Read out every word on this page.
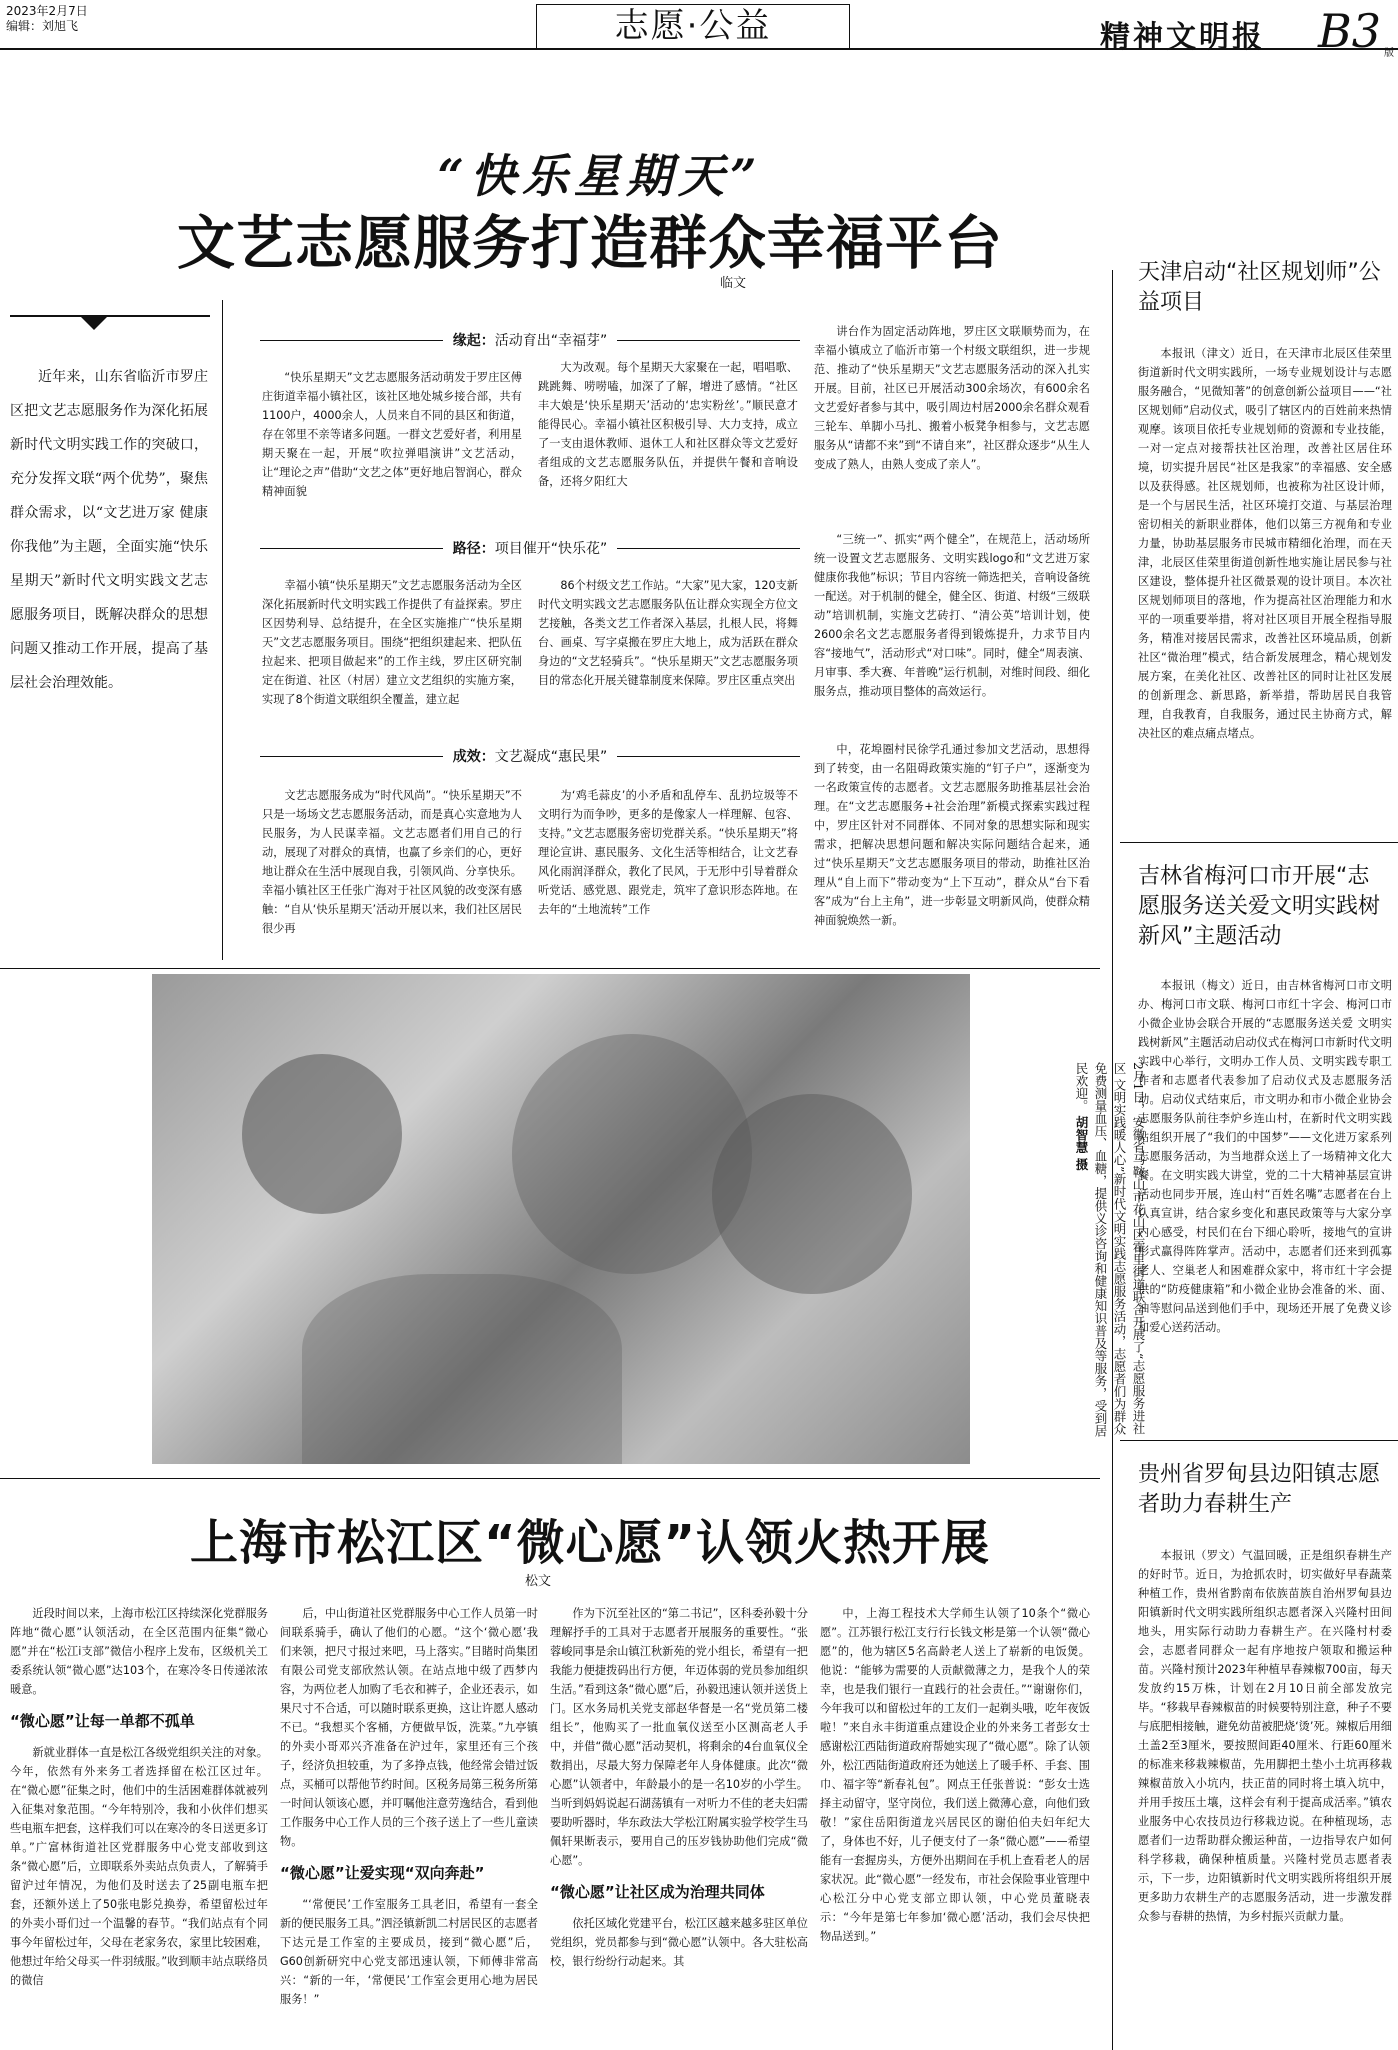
2023年2月7日
编辑：刘旭飞	志愿·公益	精神文明报 B3 版
“快乐星期天”
文艺志愿服务打造群众幸福平台
临文
近年来，山东省临沂市罗庄区把文艺志愿服务作为深化拓展新时代文明实践工作的突破口，充分发挥文联“两个优势”，聚焦群众需求，以“文艺进万家 健康你我他”为主题，全面实施“快乐星期天”新时代文明实践文艺志愿服务项目，既解决群众的思想问题又推动工作开展，提高了基层社会治理效能。
缘起：活动育出“幸福芽”

“快乐星期天”文艺志愿服务活动萌发于罗庄区傅庄街道幸福小镇社区，该社区地处城乡接合部，共有1100户，4000余人，人员来自不同的县区和街道，存在邻里不亲等诸多问题。一群文艺爱好者，利用星期天聚在一起，开展“吹拉弹唱演讲”文艺活动，让“理论之声”借助“文艺之体”更好地启智润心，群众精神面貌

大为改观。每个星期天大家聚在一起，唱唱歌、跳跳舞、唠唠嗑，加深了了解，增进了感情。“社区丰大娘是‘快乐星期天’活动的‘忠实粉丝’。”顺民意才能得民心。幸福小镇社区积极引导、大力支持，成立了一支由退休教师、退休工人和社区群众等文艺爱好者组成的文艺志愿服务队伍，并提供午餐和音响设备，还将夕阳红大

讲台作为固定活动阵地，罗庄区文联顺势而为，在幸福小镇成立了临沂市第一个村级文联组织，进一步规范、推动了“快乐星期天”文艺志愿服务活动的深入扎实开展。目前，社区已开展活动300余场次，有600余名文艺爱好者参与其中，吸引周边村居2000余名群众观看三轮车、单脚小马扎、搬着小板凳争相参与，文艺志愿服务从“请都不来”到“不请自来”，社区群众逐步“从生人变成了熟人，由熟人变成了亲人”。

路径：项目催开“快乐花”

幸福小镇“快乐星期天”文艺志愿服务活动为全区深化拓展新时代文明实践工作提供了有益探索。罗庄区因势利导、总结提升，在全区实施推广“快乐星期天”文艺志愿服务项目。围绕“把组织建起来、把队伍拉起来、把项目做起来”的工作主线，罗庄区研究制定在街道、社区（村居）建立文艺组织的实施方案，实现了8个街道文联组织全覆盖，建立起

86个村级文艺工作站。“大家”见大家，120支新时代文明实践文艺志愿服务队伍让群众实现全方位文艺接触，各类文艺工作者深入基层，扎根人民，将舞台、画桌、写字桌搬在罗庄大地上，成为活跃在群众身边的“文艺轻骑兵”。“快乐星期天”文艺志愿服务项目的常态化开展关键靠制度来保障。罗庄区重点突出

“三统一”、抓实“两个健全”，在规范上，活动场所统一设置文艺志愿服务、文明实践logo和“文艺进万家 健康你我他”标识；节目内容统一筛选把关，音响设备统一配送。对于机制的健全，健全区、街道、村级“三级联动”培训机制，实施文艺砖打、“清公英”培训计划，使2600余名文艺志愿服务者得到锻炼提升，力求节目内容“接地气”，活动形式“对口味”。同时，健全“周表演、月审事、季大赛、年普晚”运行机制，对维时间段、细化服务点，推动项目整体的高效运行。

成效：文艺凝成“惠民果”

文艺志愿服务成为“时代风尚”。“快乐星期天”不只是一场场文艺志愿服务活动，而是真心实意地为人民服务，为人民谋幸福。文艺志愿者们用自己的行动，展现了对群众的真情，也赢了乡亲们的心，更好地让群众在生活中展现自我，引领风尚、分享快乐。幸福小镇社区王任张广海对于社区风貌的改变深有感触：“自从‘快乐星期天’活动开展以来，我们社区居民很少再

为‘鸡毛蒜皮’的小矛盾和乱停车、乱扔垃圾等不文明行为而争吵，更多的是像家人一样理解、包容、支持。”文艺志愿服务密切党群关系。“快乐星期天”将理论宣讲、惠民服务、文化生活等相结合，让文艺春风化雨润泽群众，教化了民风，于无形中引导着群众听党话、感党恩、跟党走，筑牢了意识形态阵地。在去年的“土地流转”工作

中，花埠圈村民徐学孔通过参加文艺活动，思想得到了转变，由一名阻碍政策实施的“钉子户”，逐渐变为一名政策宣传的志愿者。文艺志愿服务助推基层社会治理。在“文艺志愿服务+社会治理”新模式探索实践过程中，罗庄区针对不同群体、不同对象的思想实际和现实需求，把解决思想问题和解决实际问题结合起来，通过“快乐星期天”文艺志愿服务项目的带动，助推社区治理从“自上而下”带动变为“上下互动”，群众从“台下看客”成为“台上主角”，进一步彰显文明新风尚，使群众精神面貌焕然一新。

2月1日，安徽省马鞍山市花山区霍里街道联合开展了“志愿服务进社区 文明实践暖人心”新时代文明实践志愿服务活动，志愿者们为群众免费测量血压、血糖，提供义诊咨询和健康知识普及等服务，受到居民欢迎。 胡智慧 摄
上海市松江区“微心愿”认领火热开展
松文

近段时间以来，上海市松江区持续深化党群服务阵地“微心愿”认领活动，在全区范围内征集“微心愿”并在“松江i支部”微信小程序上发布，区级机关工委系统认领“微心愿”达103个，在寒冷冬日传递浓浓暖意。

“微心愿”让每一单都不孤单

新就业群体一直是松江各级党组织关注的对象。今年，依然有外来务工者选择留在松江区过年。在“微心愿”征集之时，他们中的生活困难群体就被列入征集对象范围。“今年特别冷，我和小伙伴们想买些电瓶车把套，这样我们可以在寒冷的冬日送更多订单。”广富林街道社区党群服务中心党支部收到这条“微心愿”后，立即联系外卖站点负责人，了解骑手留沪过年情况，为他们及时送去了25副电瓶车把套，还额外送上了50张电影兑换券，希望留松过年的外卖小哥们过一个温馨的春节。“我们站点有个同事今年留松过年，父母在老家务农，家里比较困难，他想过年给父母买一件羽绒服。”收到顺丰站点联络员的微信

后，中山街道社区党群服务中心工作人员第一时间联系骑手，确认了他们的心愿。“这个‘微心愿’我们来领，把尺寸报过来吧，马上落实。”目睹时尚集团有限公司党支部欣然认领。在站点地中级了西梦内容，为两位老人加购了毛衣和裤子，企业还表示，如果尺寸不合适，可以随时联系更换，这让许愿人感动不已。“我想买个客桶，方便做早饭，洗菜。”九亭镇的外卖小哥邓兴齐准备在沪过年，家里还有三个孩子，经济负担较重，为了多挣点钱，他经常会错过饭点，买桶可以帮他节约时间。区税务局第三税务所第一时间认领该心愿，并叮嘱他注意劳逸结合，看到他工作服务中心工作人员的三个孩子送上了一些儿童读物。

“微心愿”让爱实现“双向奔赴”

“‘常便民’工作室服务工具老旧，希望有一套全新的便民服务工具。”泗泾镇新凯二村居民区的志愿者下达元是工作室的主要成员，接到“微心愿”后，G60创新研究中心党支部迅速认领，下师傅非常高兴：“新的一年，‘常便民’工作室会更用心地为居民服务！”

作为下沉至社区的“第二书记”，区科委孙毅十分理解抒手的工具对于志愿者开展服务的重要性。“张蓉峻同事是余山镇江秋新苑的党小组长，希望有一把我能力便捷拨码出行方便，年迈体弱的党员参加组织生活。”看到这条“微心愿”后，孙毅迅速认领并送货上门。区水务局机关党支部赵华督是一名“党员第二楼组长”，他购买了一批血氧仪送至小区测高老人手中，并借“微心愿”活动契机，将剩余的4台血氧仪全数捐出，尽最大努力保障老年人身体健康。此次“微心愿”认领者中，年龄最小的是一名10岁的小学生。当听到妈妈说起石湖荡镇有一对听力不佳的老夫妇需要助听器时，华东政法大学松江附属实验学校学生马佩轩果断表示，要用自己的压岁钱协助他们完成“微心愿”。

“微心愿”让社区成为治理共同体

依托区域化党建平台，松江区越来越多驻区单位党组织，党员都参与到“微心愿”认领中。各大驻松高校，银行纷纷行动起来。其

中，上海工程技术大学师生认领了10条个“微心愿”。江苏银行松江支行行长钱文彬是第一个认领“微心愿”的，他为辖区5名高龄老人送上了崭新的电饭煲。他说：“能够为需要的人贡献微薄之力，是我个人的荣幸，也是我们银行一直践行的社会责任。”“谢谢你们，今年我可以和留松过年的工友们一起剃头哦，吃年夜饭啦！”来自永丰街道重点建设企业的外来务工者彭女士感谢松江西陆街道政府帮她实现了“微心愿”。除了认领外，松江西陆街道政府还为她送上了暖手杯、手套、围巾、福字等“新春礼包”。网点王任张普说：“彭女士选择主动留守，坚守岗位，我们送上微薄心意，向他们致敬！”家住岳阳街道龙兴居民区的谢伯伯夫妇年纪大了，身体也不好，儿子便支付了一条“微心愿”——希望能有一套握房头，方便外出期间在手机上查看老人的居家状况。此“微心愿”一经发布，市社会保险事业管理中心松江分中心党支部立即认领，中心党员董晓表示：“今年是第七年参加‘微心愿’活动，我们会尽快把物品送到。”

天津启动“社区规划师”公益项目

本报讯（津文）近日，在天津市北辰区佳荣里街道新时代文明实践所，一场专业规划设计与志愿服务融合，“见微知著”的创意创新公益项目——“社区规划师”启动仪式，吸引了辖区内的百姓前来热情观摩。该项目依托专业规划师的资源和专业技能，一对一定点对接帮扶社区治理，改善社区居住环境，切实提升居民“社区是我家”的幸福感、安全感以及获得感。社区规划师，也被称为社区设计师，是一个与居民生活，社区环境打交道、与基层治理密切相关的新职业群体，他们以第三方视角和专业力量，协助基层服务市民城市精细化治理，而在天津，北辰区佳荣里街道创新性地实施让居民参与社区建设，整体提升社区微景观的设计项目。本次社区规划师项目的落地，作为提高社区治理能力和水平的一项重要举措，将对社区项目开展全程指导服务，精准对接居民需求，改善社区环境品质，创新社区“微治理”模式，结合新发展理念，精心规划发展方案，在美化社区、改善社区的同时让社区发展的创新理念、新思路，新举措，帮助居民自我管理，自我教育，自我服务，通过民主协商方式，解决社区的难点痛点堵点。

吉林省梅河口市开展“志愿服务送关爱文明实践树新风”主题活动

本报讯（梅文）近日，由吉林省梅河口市文明办、梅河口市文联、梅河口市红十字会、梅河口市小微企业协会联合开展的“志愿服务送关爱 文明实践树新风”主题活动启动仪式在梅河口市新时代文明实践中心举行，文明办工作人员、文明实践专职工作者和志愿者代表参加了启动仪式及志愿服务活动。启动仪式结束后，市文明办和市小微企业协会志愿服务队前往李炉乡连山村，在新时代文明实践站组织开展了“我们的中国梦”——文化进万家系列志愿服务活动，为当地群众送上了一场精神文化大餐。在文明实践大讲堂，党的二十大精神基层宣讲活动也同步开展，连山村“百姓名嘴”志愿者在台上认真宣讲，结合家乡变化和惠民政策等与大家分享内心感受，村民们在台下细心聆听，接地气的宣讲形式赢得阵阵掌声。活动中，志愿者们还来到孤寡老人、空巢老人和困难群众家中，将市红十字会提供的“防疫健康箱”和小微企业协会准备的米、面、油等慰问品送到他们手中，现场还开展了免费义诊和爱心送药活动。

贵州省罗甸县边阳镇志愿者助力春耕生产

本报讯（罗文）气温回暖，正是组织春耕生产的好时节。近日，为抢抓农时，切实做好早春蔬菜种植工作，贵州省黔南布依族苗族自治州罗甸县边阳镇新时代文明实践所组织志愿者深入兴隆村田间地头，用实际行动助力春耕生产。在兴隆村村委会，志愿者同群众一起有序地按户领取和搬运种苗。兴隆村预计2023年种植早春辣椒700亩，每天发放约15万株，计划在2月10日前全部发放完毕。“移栽早春辣椒苗的时候要特别注意，种子不要与底肥相接触，避免幼苗被肥烧‘烫’死。辣椒后用细土盖2至3厘米，要按照间距40厘米、行距60厘米的标准来移栽辣椒苗，先用脚把土垫小土坑再移栽辣椒苗放入小坑内，扶正苗的同时将土填入坑中，并用手按压土壤，这样会有利于提高成活率。”镇农业服务中心农技员边行移栽边说。在种植现场，志愿者们一边帮助群众搬运种苗，一边指导农户如何科学移栽，确保种植质量。兴隆村党员志愿者表示，下一步，边阳镇新时代文明实践所将组织开展更多助力农耕生产的志愿服务活动，进一步激发群众参与春耕的热情，为乡村振兴贡献力量。
